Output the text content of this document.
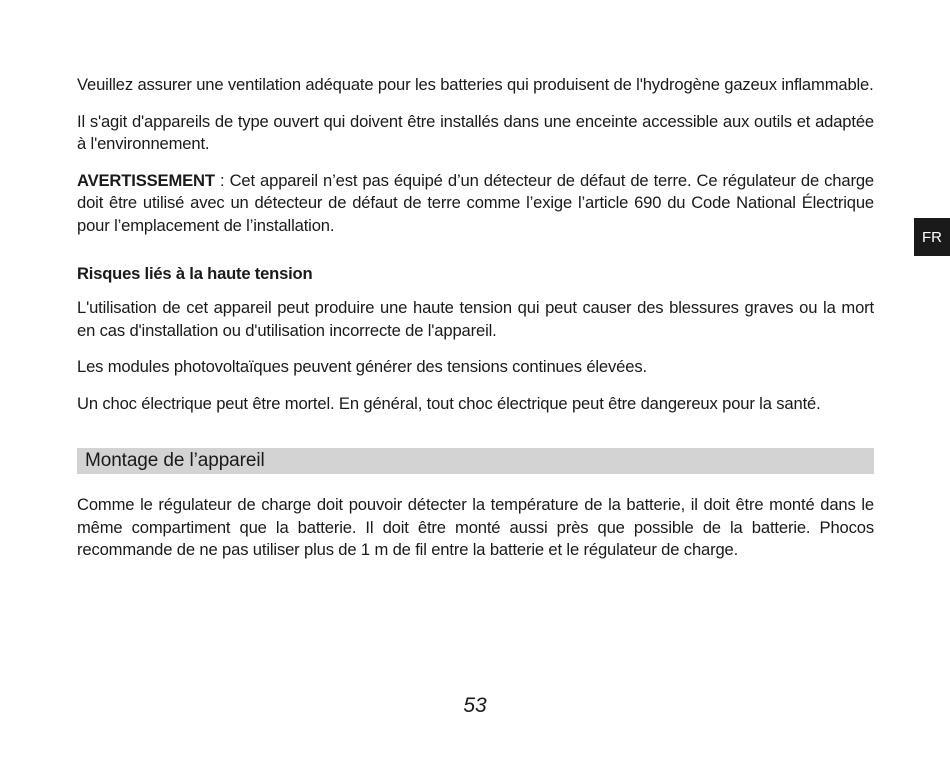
Veuillez assurer une ventilation adéquate pour les batteries qui produisent de l'hydrogène gazeux inflammable.

Il s'agit d'appareils de type ouvert qui doivent être installés dans une enceinte accessible aux outils et adaptée à l'environnement.

AVERTISSEMENT : Cet appareil n’est pas équipé d’un détecteur de défaut de terre. Ce régulateur de charge doit être utilisé avec un détecteur de défaut de terre comme l’exige l’article 690 du Code National Électrique pour l’emplacement de l’installation.

Risques liés à la haute tension

L'utilisation de cet appareil peut produire une haute tension qui peut causer des blessures graves ou la mort en cas d'installation ou d'utilisation incorrecte de l'appareil.

Les modules photovoltaïques peuvent générer des tensions continues élevées.

Un choc électrique peut être mortel. En général, tout choc électrique peut être dangereux pour la santé.

Montage de l’appareil

Comme le régulateur de charge doit pouvoir détecter la température de la batterie, il doit être monté dans le même compartiment que la batterie. Il doit être monté aussi près que possible de la batterie. Phocos recommande de ne pas utiliser plus de 1 m de fil entre la batterie et le régulateur de charge.

FR
53
